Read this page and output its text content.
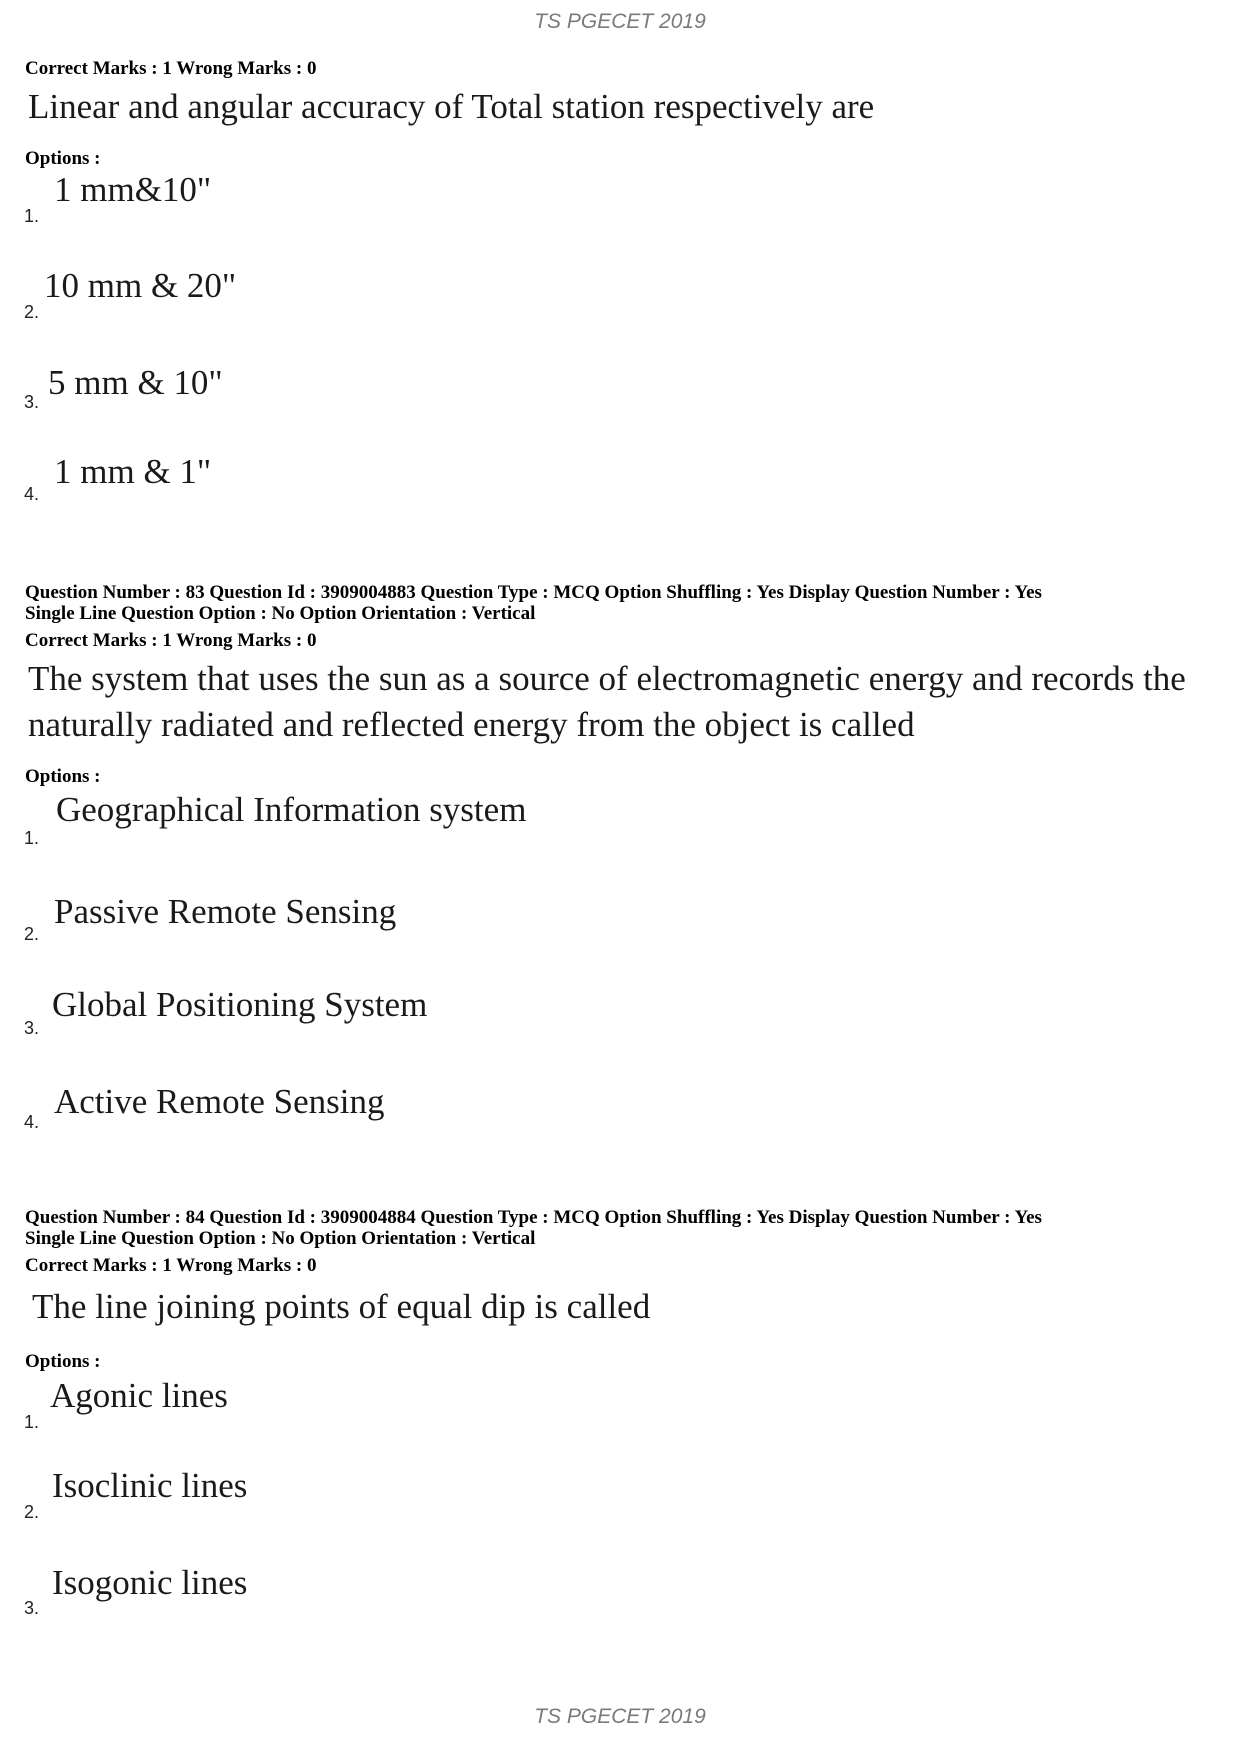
TS PGECET 2019
Correct Marks : 1 Wrong Marks : 0
Linear and angular accuracy of Total station respectively are
Options :
1.
1 mm&10"
2.
10 mm & 20"
3. 5 mm & 10"
4.
1 mm & 1"
Question Number : 83 Question Id : 3909004883 Question Type : MCQ Option Shuffling : Yes Display Question Number : Yes
Single Line Question Option : No Option Orientation : Vertical
Correct Marks : 1 Wrong Marks : 0
The system that uses the sun as a source of electromagnetic energy and records the
naturally radiated and reflected energy from the object is called
Options :
1.
Geographical Information system
2.
Passive Remote Sensing
3.
Global Positioning System
4.
Active Remote Sensing
Question Number : 84 Question Id : 3909004884 Question Type : MCQ Option Shuffling : Yes Display Question Number : Yes
Single Line Question Option : No Option Orientation : Vertical
Correct Marks : 1 Wrong Marks : 0
The line joining points of equal dip is called
Options :
1.
Agonic lines
2.
Isoclinic lines
3.
Isogonic lines
TS PGECET 2019
